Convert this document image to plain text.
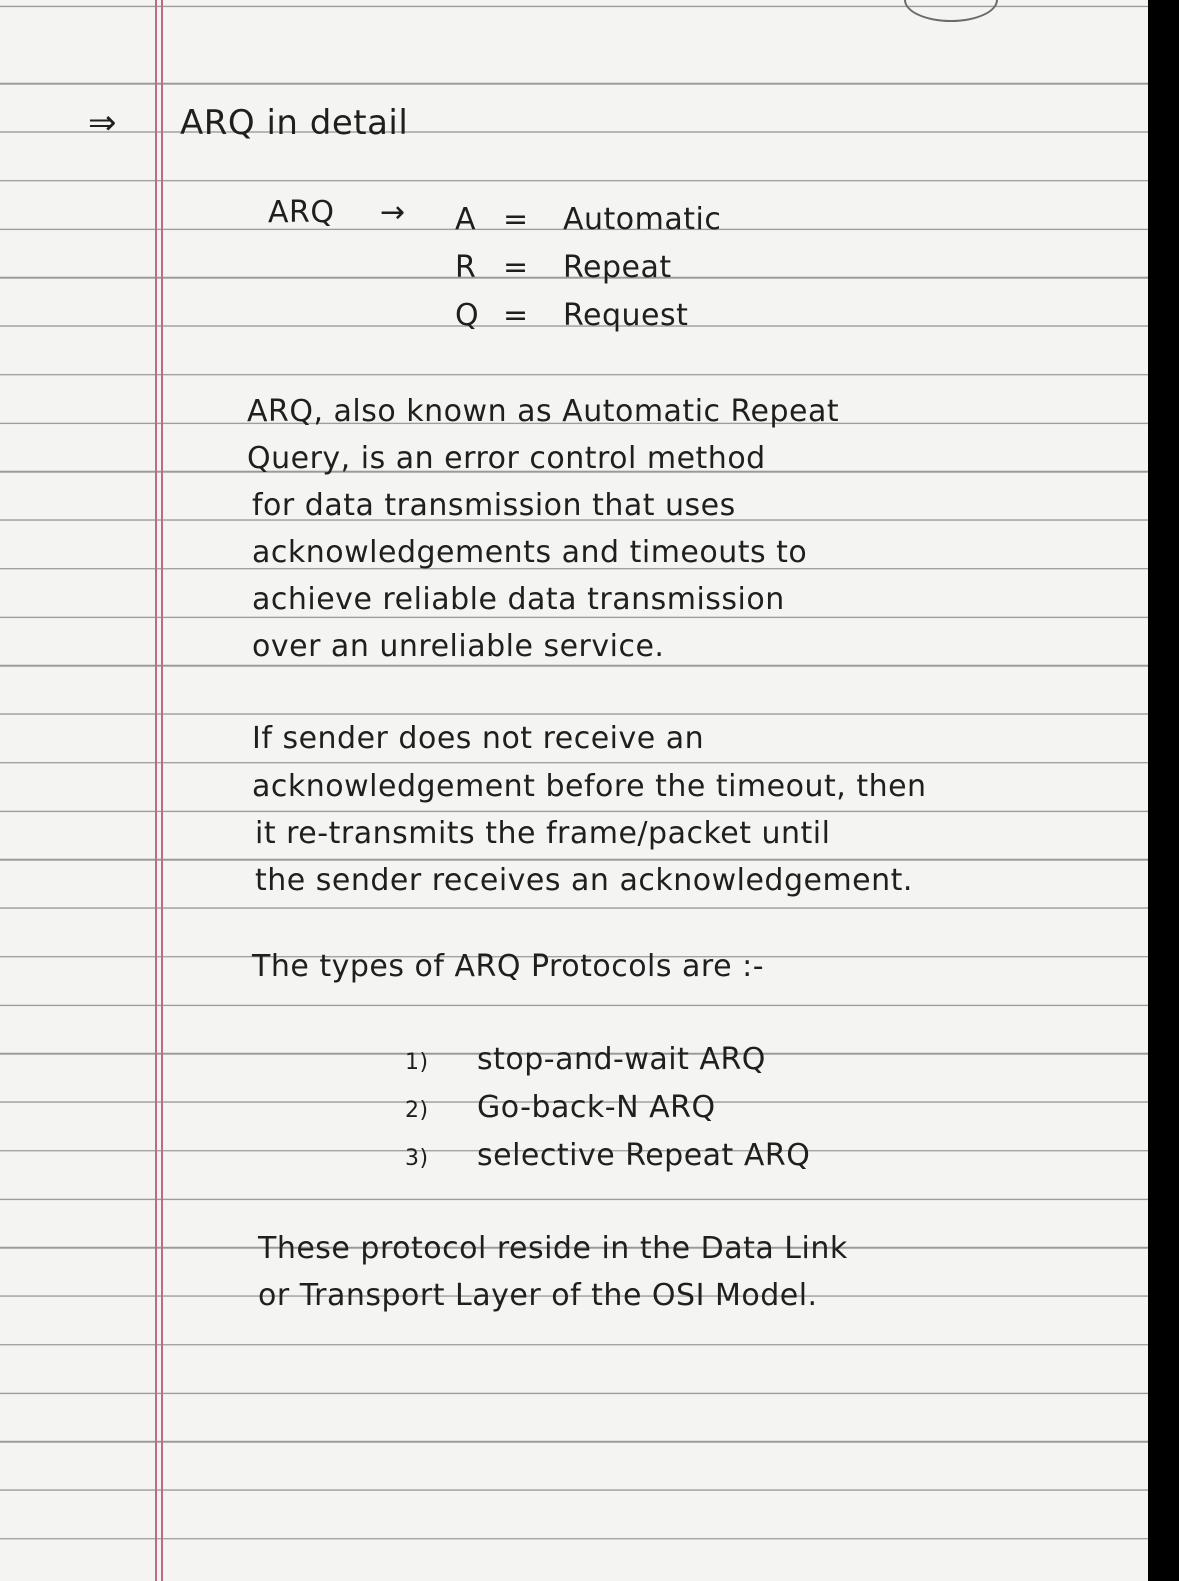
⇒ ARQ in detail
ARQ → A = Automatic
R = Repeat
Q = Request
ARQ, also known as Automatic Repeat
Query, is an error control method
for data transmission that uses
acknowledgements and timeouts to
achieve reliable data transmission
over an unreliable service.
If sender does not receive an
acknowledgement before the timeout, then
it re-transmits the frame/packet until
the sender receives an acknowledgement.
The types of ARQ Protocols are :-
1) stop-and-wait ARQ
2) Go-back-N ARQ
3) selective Repeat ARQ
These protocol reside in the Data Link
or Transport Layer of the OSI Model.
